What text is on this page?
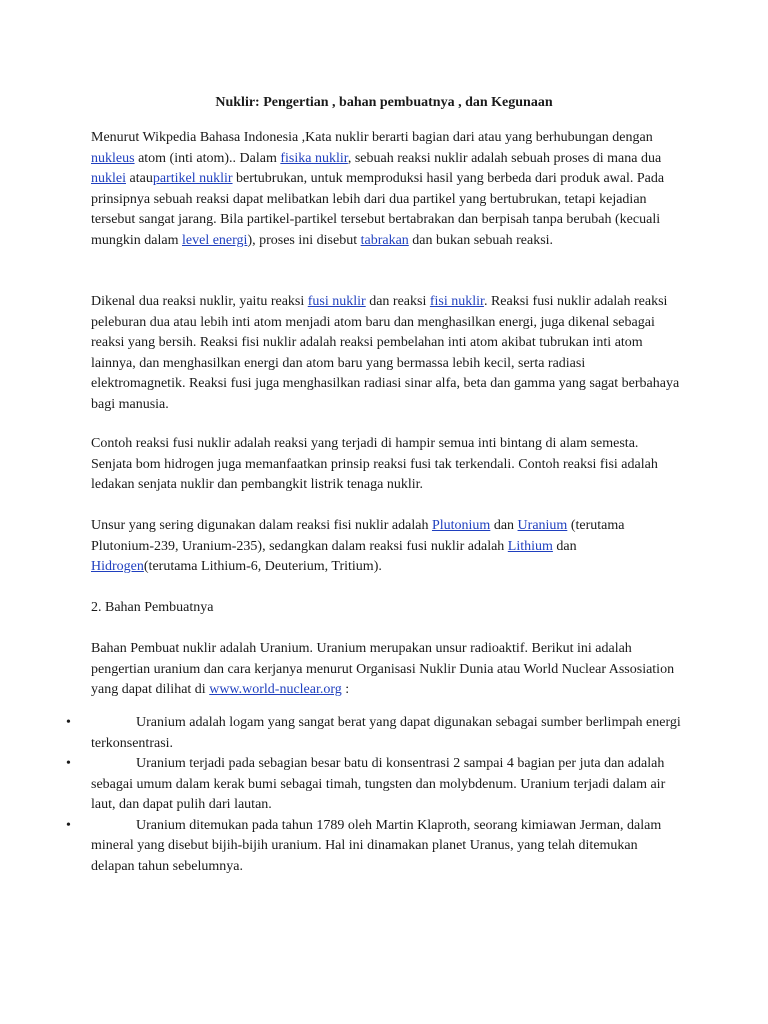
Nuklir: Pengertian , bahan pembuatnya , dan Kegunaan

Menurut Wikpedia Bahasa Indonesia ,Kata nuklir berarti bagian dari atau yang berhubungan dengan nukleus atom (inti atom).. Dalam fisika nuklir, sebuah reaksi nuklir adalah sebuah proses di mana dua nuklei ataupartikel nuklir bertubrukan, untuk memproduksi hasil yang berbeda dari produk awal. Pada prinsipnya sebuah reaksi dapat melibatkan lebih dari dua partikel yang bertubrukan, tetapi kejadian tersebut sangat jarang. Bila partikel-partikel tersebut bertabrakan dan berpisah tanpa berubah (kecuali mungkin dalam level energi), proses ini disebut tabrakan dan bukan sebuah reaksi.

Dikenal dua reaksi nuklir, yaitu reaksi fusi nuklir dan reaksi fisi nuklir. Reaksi fusi nuklir adalah reaksi peleburan dua atau lebih inti atom menjadi atom baru dan menghasilkan energi, juga dikenal sebagai reaksi yang bersih. Reaksi fisi nuklir adalah reaksi pembelahan inti atom akibat tubrukan inti atom lainnya, dan menghasilkan energi dan atom baru yang bermassa lebih kecil, serta radiasi elektromagnetik. Reaksi fusi juga menghasilkan radiasi sinar alfa, beta dan gamma yang sagat berbahaya bagi manusia.

Contoh reaksi fusi nuklir adalah reaksi yang terjadi di hampir semua inti bintang di alam semesta. Senjata bom hidrogen juga memanfaatkan prinsip reaksi fusi tak terkendali. Contoh reaksi fisi adalah ledakan senjata nuklir dan pembangkit listrik tenaga nuklir.

Unsur yang sering digunakan dalam reaksi fisi nuklir adalah Plutonium dan Uranium (terutama Plutonium-239, Uranium-235), sedangkan dalam reaksi fusi nuklir adalah Lithium dan Hidrogen(terutama Lithium-6, Deuterium, Tritium).

2. Bahan Pembuatnya

Bahan Pembuat nuklir adalah Uranium. Uranium merupakan unsur radioaktif. Berikut ini adalah pengertian uranium dan cara kerjanya menurut Organisasi Nuklir Dunia atau World Nuclear Assosiation yang dapat dilihat di www.world-nuclear.org :

•	Uranium adalah logam yang sangat berat yang dapat digunakan sebagai sumber berlimpah energi terkonsentrasi.
•	Uranium terjadi pada sebagian besar batu di konsentrasi 2 sampai 4 bagian per juta dan adalah sebagai umum dalam kerak bumi sebagai timah, tungsten dan molybdenum. Uranium terjadi dalam air laut, dan dapat pulih dari lautan.
•	Uranium ditemukan pada tahun 1789 oleh Martin Klaproth, seorang kimiawan Jerman, dalam mineral yang disebut bijih-bijih uranium. Hal ini dinamakan planet Uranus, yang telah ditemukan delapan tahun sebelumnya.
